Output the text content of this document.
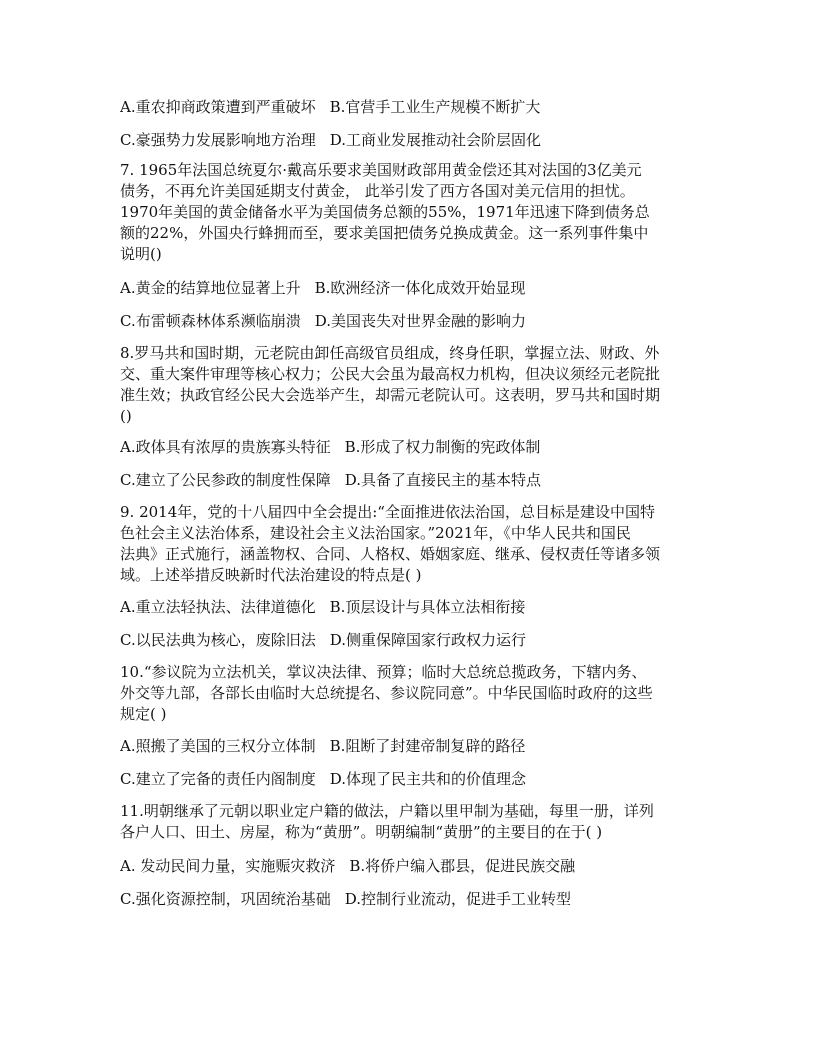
A.重农抑商政策遭到严重破坏 B.官营手工业生产规模不断扩大
C.豪强势力发展影响地方治理 D.工商业发展推动社会阶层固化
7. 1965年法国总统夏尔·戴高乐要求美国财政部用黄金偿还其对法国的3亿美元
债务，不再允许美国延期支付黄金， 此举引发了西方各国对美元信用的担忧。
1970年美国的黄金储备水平为美国债务总额的55%，1971年迅速下降到债务总
额的22%，外国央行蜂拥而至，要求美国把债务兑换成黄金。这一系列事件集中
说明()
A.黄金的结算地位显著上升 B.欧洲经济一体化成效开始显现
C.布雷顿森林体系濒临崩溃 D.美国丧失对世界金融的影响力
8.罗马共和国时期，元老院由卸任高级官员组成，终身任职，掌握立法、财政、外
交、重大案件审理等核心权力；公民大会虽为最高权力机构，但决议须经元老院批
准生效；执政官经公民大会选举产生，却需元老院认可。这表明，罗马共和国时期
()
A.政体具有浓厚的贵族寡头特征 B.形成了权力制衡的宪政体制
C.建立了公民参政的制度性保障 D.具备了直接民主的基本特点
9. 2014年，党的十八届四中全会提出:“全面推进依法治国，总目标是建设中国特
色社会主义法治体系，建设社会主义法治国家。”2021年，《中华人民共和国民
法典》正式施行，涵盖物权、合同、人格权、婚姻家庭、继承、侵权责任等诸多领
域。上述举措反映新时代法治建设的特点是( )
A.重立法轻执法、法律道德化 B.顶层设计与具体立法相衔接
C.以民法典为核心，废除旧法 D.侧重保障国家行政权力运行
10.“参议院为立法机关，掌议决法律、预算；临时大总统总揽政务，下辖内务、
外交等九部，各部长由临时大总统提名、参议院同意”。中华民国临时政府的这些
规定( )
A.照搬了美国的三权分立体制 B.阻断了封建帝制复辟的路径
C.建立了完备的责任内阁制度 D.体现了民主共和的价值理念
11.明朝继承了元朝以职业定户籍的做法，户籍以里甲制为基础，每里一册，详列
各户人口、田土、房屋，称为“黄册”。明朝编制“黄册”的主要目的在于( )
A. 发动民间力量，实施赈灾救济 B.将侨户编入郡县，促进民族交融
C.强化资源控制，巩固统治基础 D.控制行业流动，促进手工业转型
